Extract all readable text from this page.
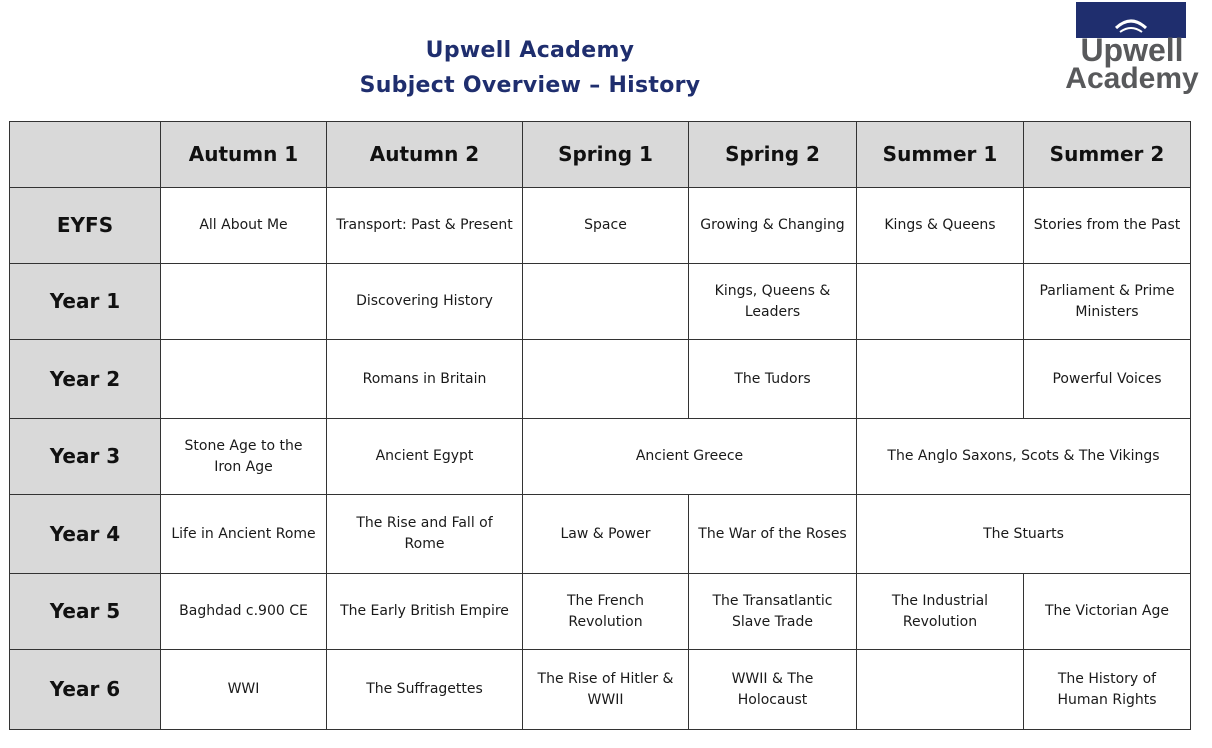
Upwell Academy
Subject Overview – History
Upwell
Academy
	Autumn 1	Autumn 2	Spring 1	Spring 2	Summer 1	Summer 2
EYFS	All About Me	Transport: Past & Present	Space	Growing & Changing	Kings & Queens	Stories from the Past
Year 1		Discovering History		Kings, Queens & Leaders		Parliament & Prime Ministers
Year 2		Romans in Britain		The Tudors		Powerful Voices
Year 3	Stone Age to the Iron Age	Ancient Egypt	Ancient Greece		The Anglo Saxons, Scots & The Vikings	
Year 4	Life in Ancient Rome	The Rise and Fall of Rome	Law & Power	The War of the Roses	The Stuarts	
Year 5	Baghdad c.900 CE	The Early British Empire	The French Revolution	The Transatlantic Slave Trade	The Industrial Revolution	The Victorian Age
Year 6	WWI	The Suffragettes	The Rise of Hitler & WWII	WWII & The Holocaust		The History of Human Rights
